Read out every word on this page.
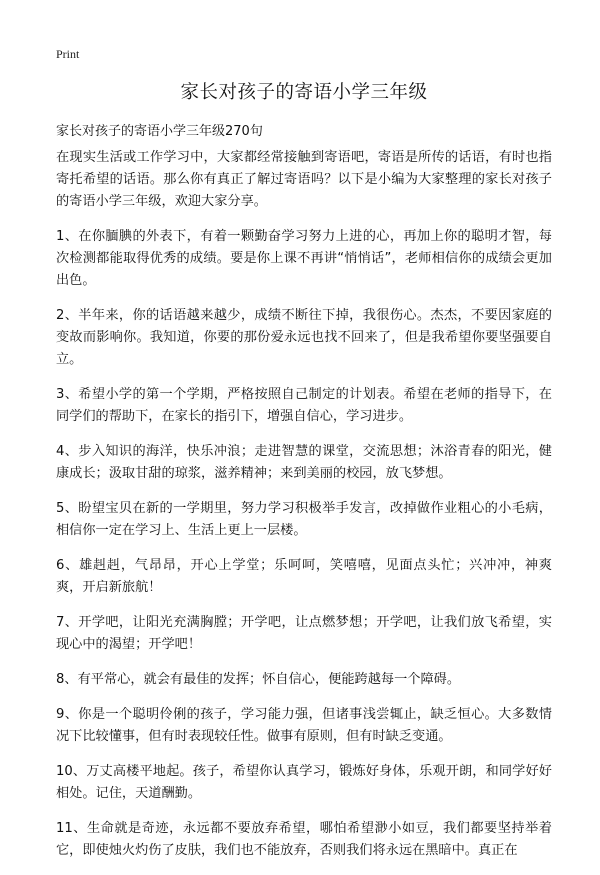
Print
家长对孩子的寄语小学三年级

家长对孩子的寄语小学三年级270句

在现实生活或工作学习中，大家都经常接触到寄语吧，寄语是所传的话语，有时也指寄托希望的话语。那么你有真正了解过寄语吗？以下是小编为大家整理的家长对孩子的寄语小学三年级，欢迎大家分享。

1、在你腼腆的外表下，有着一颗勤奋学习努力上进的心，再加上你的聪明才智，每次检测都能取得优秀的成绩。要是你上课不再讲“悄悄话”，老师相信你的成绩会更加出色。

2、半年来，你的话语越来越少，成绩不断往下掉，我很伤心。杰杰，不要因家庭的变故而影响你。我知道，你要的那份爱永远也找不回来了，但是我希望你要坚强要自立。

3、希望小学的第一个学期，严格按照自己制定的计划表。希望在老师的指导下，在同学们的帮助下，在家长的指引下，增强自信心，学习进步。

4、步入知识的海洋，快乐冲浪；走进智慧的课堂，交流思想；沐浴青春的阳光，健康成长；汲取甘甜的琼浆，滋养精神；来到美丽的校园，放飞梦想。

5、盼望宝贝在新的一学期里，努力学习积极举手发言，改掉做作业粗心的小毛病，相信你一定在学习上、生活上更上一层楼。

6、雄赳赳，气昂昂，开心上学堂；乐呵呵，笑嘻嘻，见面点头忙；兴冲冲，神爽爽，开启新旅航！

7、开学吧，让阳光充满胸膛；开学吧，让点燃梦想；开学吧，让我们放飞希望，实现心中的渴望；开学吧！

8、有平常心，就会有最佳的发挥；怀自信心，便能跨越每一个障碍。

9、你是一个聪明伶俐的孩子，学习能力强，但诸事浅尝辄止，缺乏恒心。大多数情况下比较懂事，但有时表现较任性。做事有原则，但有时缺乏变通。

10、万丈高楼平地起。孩子，希望你认真学习，锻炼好身体，乐观开朗，和同学好好相处。记住，天道酬勤。

11、生命就是奇迹，永远都不要放弃希望，哪怕希望渺小如豆，我们都要坚持举着它，即使烛火灼伤了皮肤，我们也不能放弃，否则我们将永远在黑暗中。真正在
